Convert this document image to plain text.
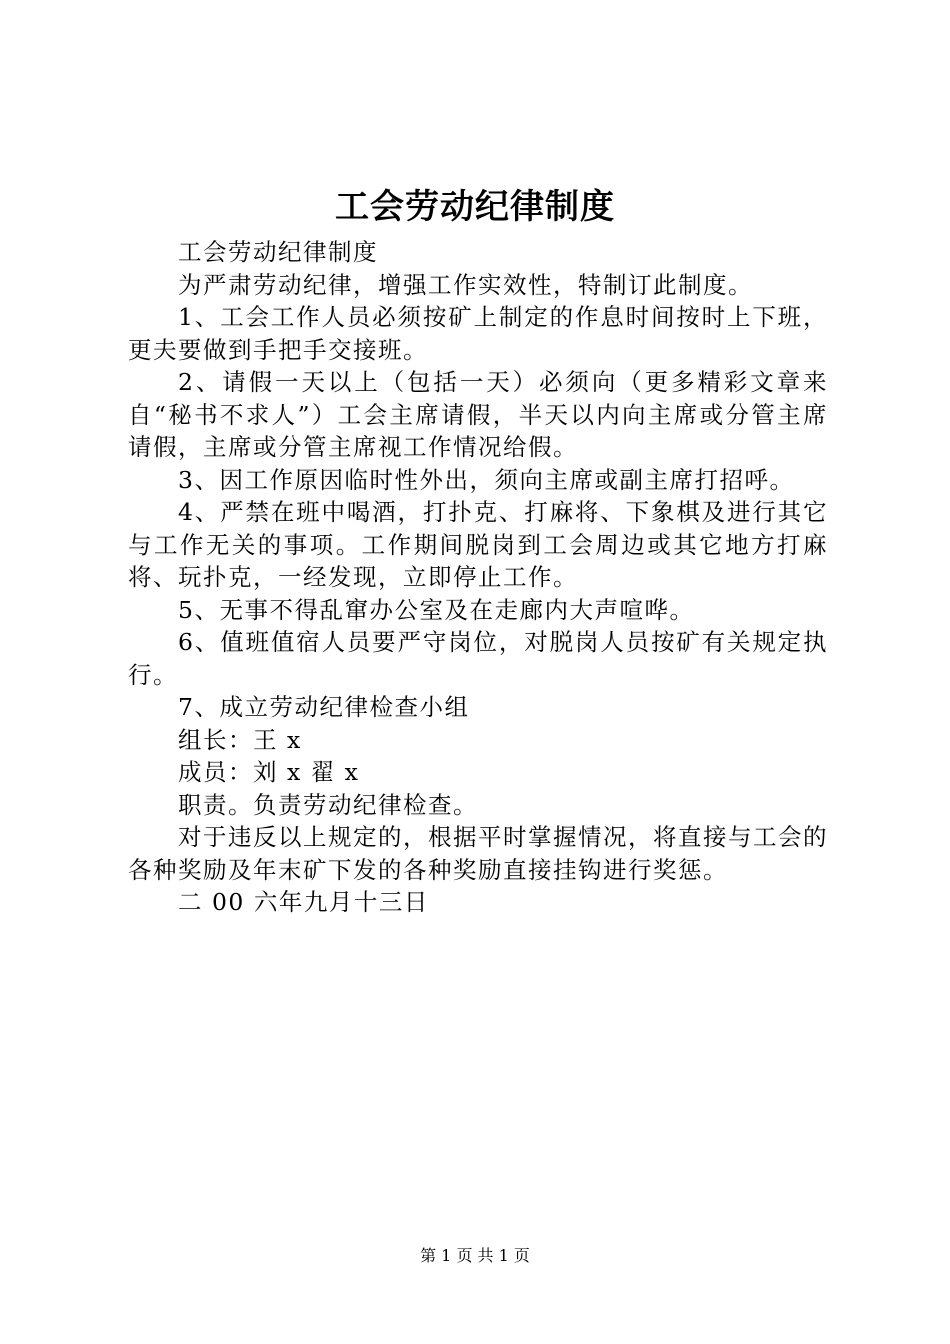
工会劳动纪律制度

工会劳动纪律制度

为严肃劳动纪律，增强工作实效性，特制订此制度。

1、工会工作人员必须按矿上制定的作息时间按时上下班，更夫要做到手把手交接班。

2、请假一天以上（包括一天）必须向（更多精彩文章来自“秘书不求人”）工会主席请假，半天以内向主席或分管主席请假，主席或分管主席视工作情况给假。

3、因工作原因临时性外出，须向主席或副主席打招呼。

4、严禁在班中喝酒，打扑克、打麻将、下象棋及进行其它与工作无关的事项。工作期间脱岗到工会周边或其它地方打麻将、玩扑克，一经发现，立即停止工作。

5、无事不得乱窜办公室及在走廊内大声喧哗。

6、值班值宿人员要严守岗位，对脱岗人员按矿有关规定执行。

7、成立劳动纪律检查小组

组长：王 x

成员：刘 x 翟 x

职责。负责劳动纪律检查。

对于违反以上规定的，根据平时掌握情况，将直接与工会的各种奖励及年末矿下发的各种奖励直接挂钩进行奖惩。

二 00 六年九月十三日

第 1 页 共 1 页
